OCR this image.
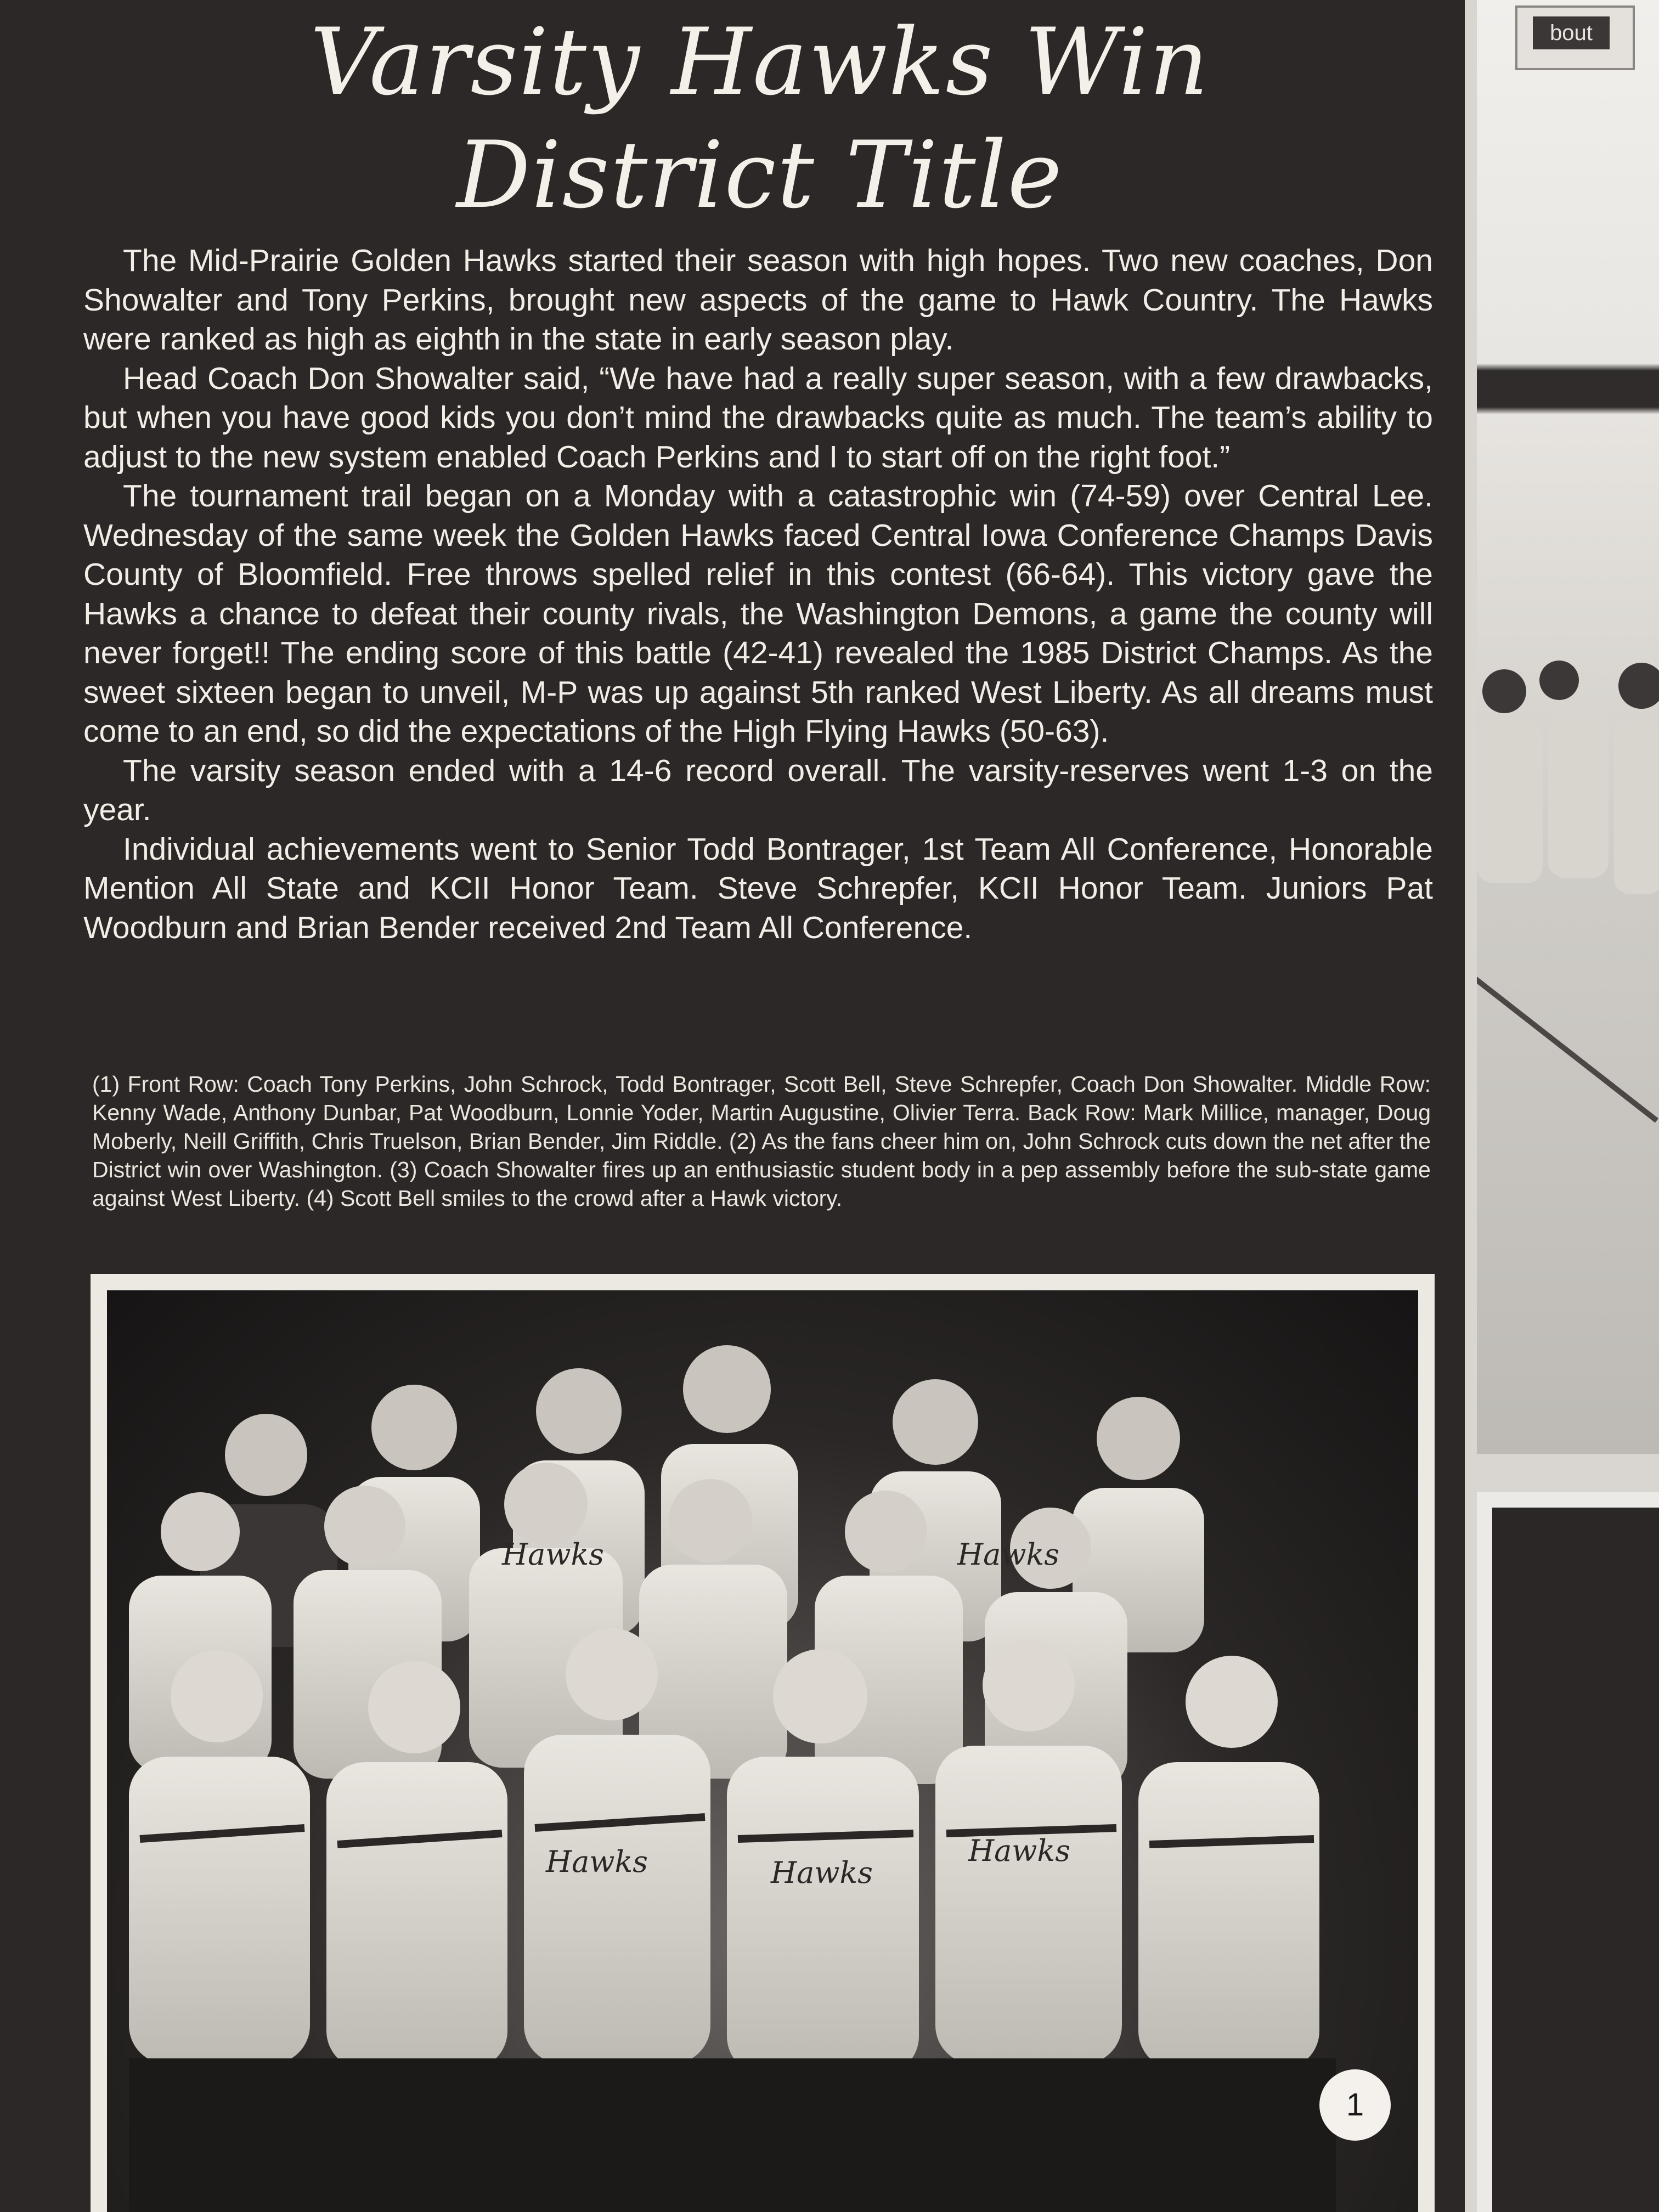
Varsity Hawks Win
District Title

The Mid-Prairie Golden Hawks started their season with high hopes. Two new coaches, Don Showalter and Tony Perkins, brought new aspects of the game to Hawk Country. The Hawks were ranked as high as eighth in the state in early season play.

Head Coach Don Showalter said, “We have had a really super season, with a few drawbacks, but when you have good kids you don’t mind the drawbacks quite as much. The team’s ability to adjust to the new system enabled Coach Perkins and I to start off on the right foot.”

The tournament trail began on a Monday with a catastrophic win (74-59) over Central Lee. Wednesday of the same week the Golden Hawks faced Central Iowa Conference Champs Davis County of Bloomfield. Free throws spelled relief in this contest (66-64). This victory gave the Hawks a chance to defeat their county rivals, the Washington Demons, a game the county will never forget!! The ending score of this battle (42-41) revealed the 1985 District Champs. As the sweet sixteen began to unveil, M-P was up against 5th ranked West Liberty. As all dreams must come to an end, so did the expectations of the High Flying Hawks (50-63).

The varsity season ended with a 14-6 record overall. The varsity-reserves went 1-3 on the year.

Individual achievements went to Senior Todd Bontrager, 1st Team All Conference, Honorable Mention All State and KCII Honor Team. Steve Schrepfer, KCII Honor Team. Juniors Pat Woodburn and Brian Bender received 2nd Team All Conference.

(1) Front Row: Coach Tony Perkins, John Schrock, Todd Bontrager, Scott Bell, Steve Schrepfer, Coach Don Showalter. Middle Row: Kenny Wade, Anthony Dunbar, Pat Woodburn, Lonnie Yoder, Martin Augustine, Olivier Terra. Back Row: Mark Millice, manager, Doug Moberly, Neill Griffith, Chris Truelson, Brian Bender, Jim Riddle. (2) As the fans cheer him on, John Schrock cuts down the net after the District win over Washington. (3) Coach Showalter fires up an enthusiastic student body in a pep assembly before the sub-state game against West Liberty. (4) Scott Bell smiles to the crowd after a Hawk victory.
Hawks	Hawks
Hawks
Hawks	Hawks
1
bout
